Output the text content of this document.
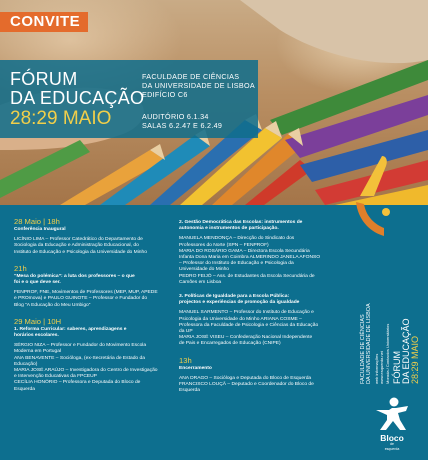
CONVITE
FÓRUM
DA EDUCAÇÃO
28:29 MAIO
FACULDADE DE CIÊNCIAS
DA UNIVERSIDADE DE LISBOA
EDIFÍCIO C6
AUDITÓRIO 6.1.34
SALAS 6.2.47 E 6.2.49
28 Maio | 18h
Conferência Inaugural
LICÍNIO LIMA – Professor Catedrático do Departamento de
Sociologia da Educação e Administração Educacional, do
Instituto de Educação e Psicologia da Universidade do Minho
21h
“Mesa do polémica”: a luta dos professores – o que
foi e o que deve ser.
FENPROF, FNE, Movimentos de Professores (MEP, MUP, APEDE
e PROmova) e PAULO GUINOTE – Professor e Fundador do
Blog “A Educação do Meu Umbigo”
29 Maio | 10H
1. Reforma Curricular: saberes, aprendizagens e
horários escolares.
SÉRGIO NIZA – Professor e Fundador do Movimento Escola
Moderna em Portugal
ANA BENAVENTE – Socióloga, (ex-Secretária de Estado da
Educação)
MARIA JOSÉ ARAÚJO – Investigadora do Centro de Investigação
e Intervenção Educativas da FPCEUP
CECÍLIA HONÓRIO – Professora e Deputada do Bloco de
Esquerda
2. Gestão Democrática das Escolas: instrumentos de
autonomia e instrumentos de participação.
MANUELA MENDONÇA – Direcção do Sindicato dos
Professores do Norte (SPN – FENPROF)
MARIA DO ROSÁRIO GAMA – Directora Escola Secundária
Infanta Dona Maria em Coimbra ALMERINDO JANELA AFONSO
– Professor do Instituto de Educação e Psicologia da
Universidade do Minho
PEDRO FEIJÓ – Ass. de Estudantes da Escola Secundária de
Camões em Lisboa
3. Políticas de Igualdade para a Escola Pública:
projectos e experiências de promoção da igualdade
MANUEL SARMENTO – Professor do Instituto de Educação e
Psicologia da Universidade do Minho ARIANA COSME –
Professora da Faculdade de Psicologia e Ciências da Educação
da UP
MARIA JOSÉ VISEU – Confederação Nacional Independente
de Pais e Encarregados de Educação (CNIPE)
13h
Encerramento
ANA DRAGO – Socióloga e Deputada do Bloco de Esquerda
FRANCISCO LOUÇÃ – Deputado e Coordenador do Bloco de
Esquerda
FACULDADE DE CIÊNCIAS DA UNIVERSIDADE DE LISBOA web informações www.esquerda.net Morada / Contactos Universitários FÓRUM DA EDUCAÇÃO 28:29 MAIO
Bloco
de
esquerda
